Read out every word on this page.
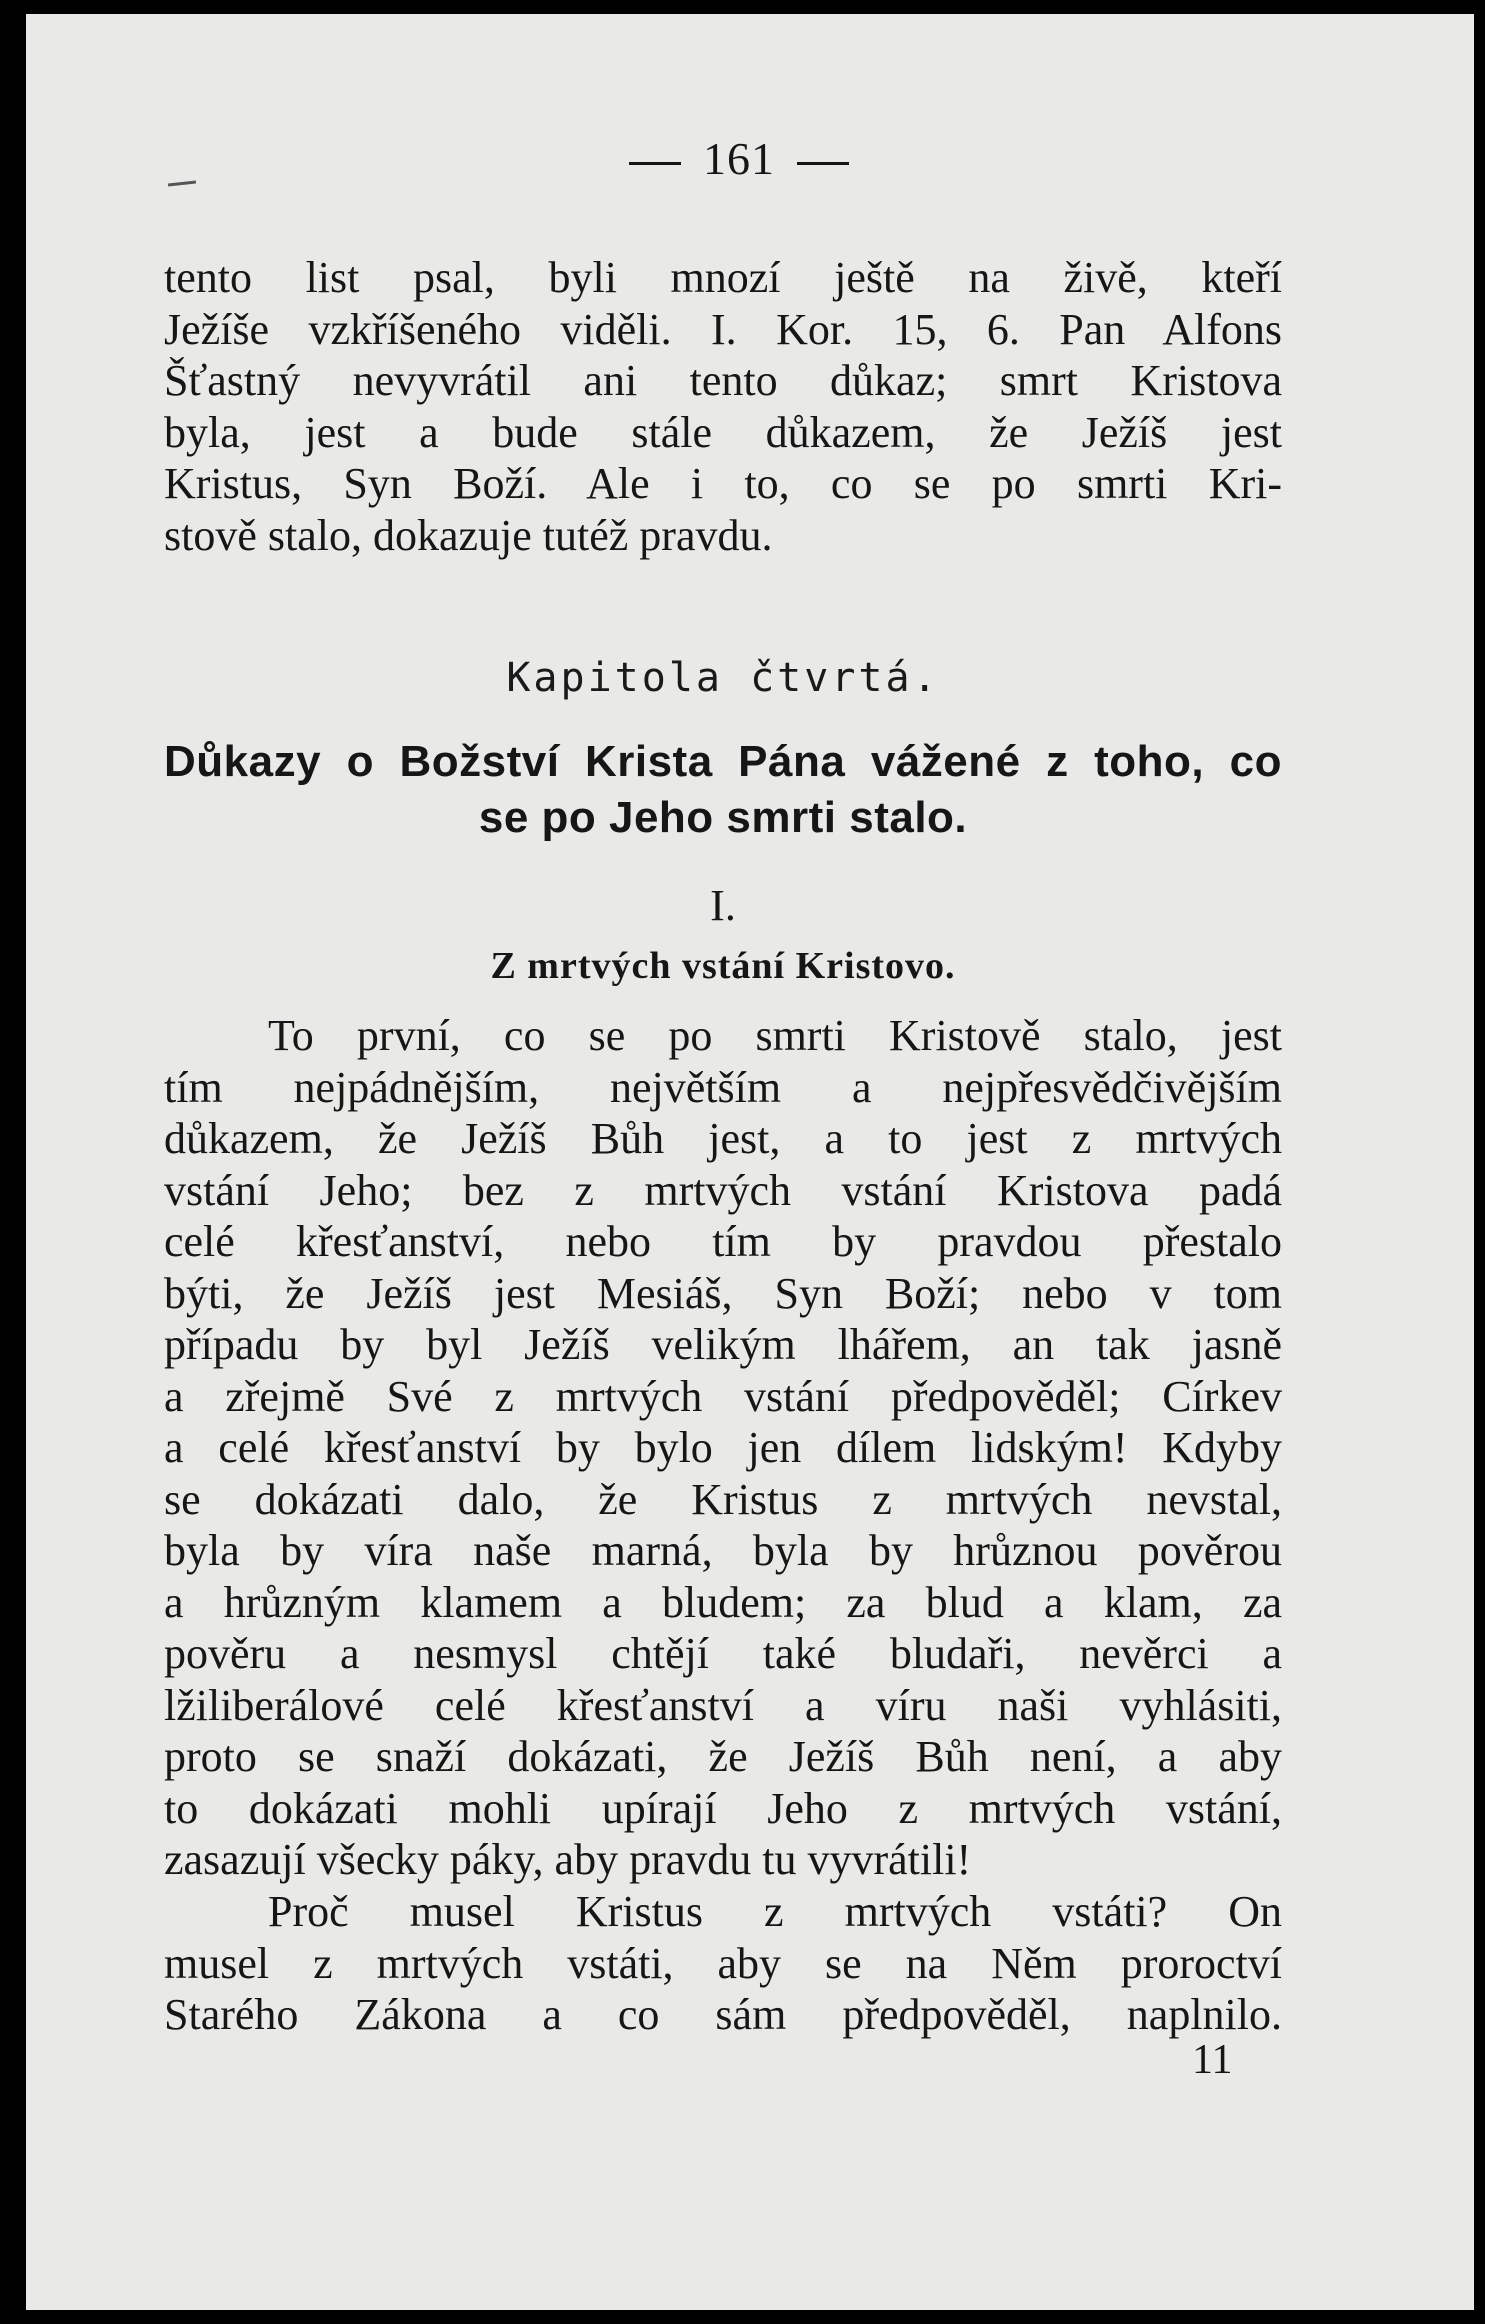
161
tento list psal, byli mnozí ještě na živě, kteří
Ježíše vzkříšeného viděli. I. Kor. 15, 6. Pan Alfons
Šťastný nevyvrátil ani tento důkaz; smrt Kristova
byla, jest a bude stále důkazem, že Ježíš jest
Kristus, Syn Boží. Ale i to, co se po smrti Kri-
stově stalo, dokazuje tutéž pravdu.
Kapitola čtvrtá.
Důkazy o Božství Krista Pána vážené z toho, co
se po Jeho smrti stalo.
I.
Z mrtvých vstání Kristovo.
To první, co se po smrti Kristově stalo, jest
tím nejpádnějším, největším a nejpřesvědčivějším
důkazem, že Ježíš Bůh jest, a to jest z mrtvých
vstání Jeho; bez z mrtvých vstání Kristova padá
celé křesťanství, nebo tím by pravdou přestalo
býti, že Ježíš jest Mesiáš, Syn Boží; nebo v tom
případu by byl Ježíš velikým lhářem, an tak jasně
a zřejmě Své z mrtvých vstání předpověděl; Církev
a celé křesťanství by bylo jen dílem lidským! Kdyby
se dokázati dalo, že Kristus z mrtvých nevstal,
byla by víra naše marná, byla by hrůznou pověrou
a hrůzným klamem a bludem; za blud a klam, za
pověru a nesmysl chtějí také bludaři, nevěrci a
lžiliberálové celé křesťanství a víru naši vyhlásiti,
proto se snaží dokázati, že Ježíš Bůh není, a aby
to dokázati mohli upírají Jeho z mrtvých vstání,
zasazují všecky páky, aby pravdu tu vyvrátili!
Proč musel Kristus z mrtvých vstáti? On
musel z mrtvých vstáti, aby se na Něm proroctví
Starého Zákona a co sám předpověděl, naplnilo.
11
